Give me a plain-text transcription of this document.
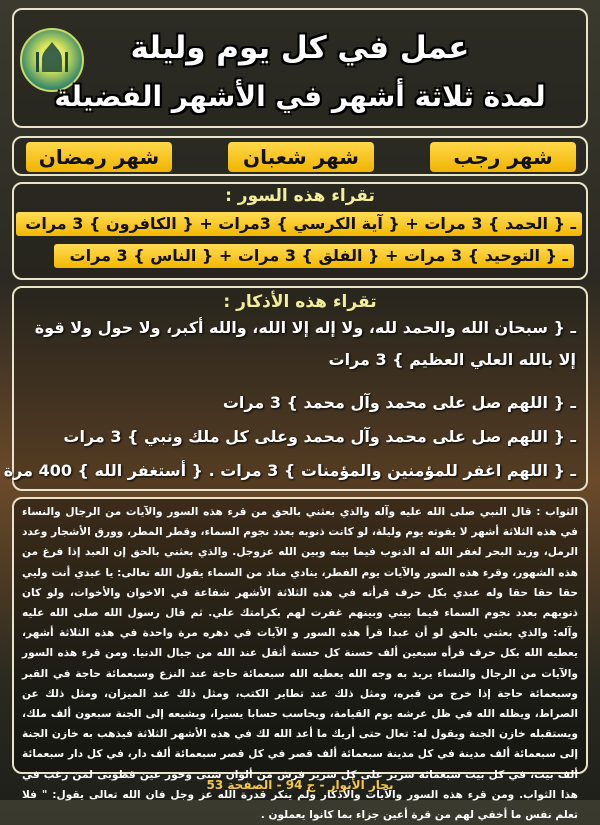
عمل في كل يوم وليلة
لمدة ثلاثة أشهر في الأشهر الفضيلة
شهر رجب
شهر شعبان
شهر رمضان
تقراء هذه السور :
ـ { الحمد } 3 مرات + { آية الكرسي } 3مرات + { الكافرون } 3 مرات
ـ { التوحيد } 3 مرات + { الفلق } 3 مرات + { الناس } 3 مرات
تقراء هذه الأذكار :
ـ { سبحان الله والحمد لله، ولا إله إلا الله، والله أكبر، ولا حول ولا قوة
إلا بالله العلي العظيم } 3 مرات
ـ { اللهم صل على محمد وآل محمد } 3 مرات
ـ { اللهم صل على محمد وآل محمد وعلى كل ملك ونبي } 3 مرات
ـ { اللهم اغفر للمؤمنين والمؤمنات } 3 مرات . { أستغفر الله } 400 مرة

الثواب : قال النبي صلى الله عليه وآله والذي بعثني بالحق من قرء هذه السور والآيات من الرجال والنساء في هذه الثلاثة أشهر لا يفوته يوم وليلة، لو كانت ذنوبه بعدد نجوم السماء، وقطر المطر، وورق الأشجار وعدد الرمل، وزبد البحر لغفر الله له الذنوب فيما بينه وبين الله عزوجل. والذي بعثني بالحق إن العبد إذا فرغ من هذه الشهور، وقرء هذه السور والآيات يوم الفطر، ينادي مناد من السماء يقول الله تعالى: يا عبدي أنت وليي حقا حقا حقا وله عندي بكل حرف قرأته في هذه الثلاثة الأشهر شفاعة في الاخوان والأخوات، ولو كان ذنوبهم بعدد نجوم السماء فيما بيني وبينهم غفرت لهم بكرامتك علي. ثم قال رسول الله صلى الله عليه وآله: والذي بعثني بالحق لو أن عبدا قرأ هذه السور و الآيات في دهره مرة واحدة في هذه الثلاثة أشهر، يعطيه الله بكل حرف قرأه سبعين ألف حسنة كل حسنة أثقل عند الله من جبال الدنيا. ومن قرء هذه السور والآيات من الرجال والنساء يريد به وجه الله يعطيه الله سبعمائة حاجة عند النزع وسبعمائة حاجة في القبر وسبعمائة حاجة إذا خرج من قبره، ومثل ذلك عند تطاير الكتب، ومثل ذلك عند الميزان، ومثل ذلك عن الصراط، ويظله الله في ظل عرشه يوم القيامة، ويحاسب حسابا يسيرا، ويشيعه إلى الجنة سبعون ألف ملك، ويستقبله خازن الجنة ويقول له: تعال حتى أريك ما أعد الله لك في هذه الأشهر الثلاثة فيذهب به خازن الجنة إلى سبعمائة ألف مدينة في كل مدينة سبعمائة ألف قصر في كل قصر سبعمائة ألف دار، في كل دار سبعمائة ألف بيت، في كل بيت سبعمائة سرير على كل سرير فرش من ألوان شتى وحور عين قطوبى لمن رغب في هذا الثواب. ومن قرء هذه السور والآيات والأذكار ولم ينكر قدرة الله عز وجل فان الله تعالى يقول: " فلا تعلم نفس ما أخفي لهم من قرة أعين جزاء بما كانوا يعملون .

بحار الأنوار - ج 94 - الصفحة 53
